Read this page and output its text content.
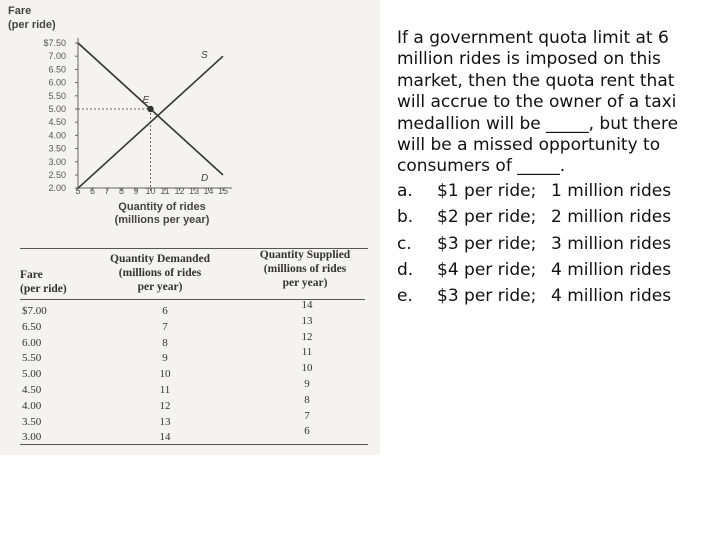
Fare
(per ride)
$7.50
7.00
6.50
6.00
5.50
5.00
4.50
4.00
3.50
3.00
2.50
2.00 5 6 7 8 9 10 11 12 13 14 15
S
D
E
Quantity of rides
(millions per year)
Fare
(per ride)
Quantity Demanded
(millions of rides
per year)
Quantity Supplied
(millions of rides
per year)
$7.00	6	14
6.50	7	13
6.00	8	12
5.50	9	11
5.00	10	10
4.50	11	9
4.00	12	8
3.50	13	7
3.00	14	6

If a government quota limit at 6 million rides is imposed on this market, then the quota rent that will accrue to the owner of a taxi medallion will be _____, but there will be a missed opportunity to consumers of _____.

a. $1 per ride; 1 million rides
b. $2 per ride; 2 million rides
c. $3 per ride; 3 million rides
d. $4 per ride; 4 million rides
e. $3 per ride; 4 million rides
